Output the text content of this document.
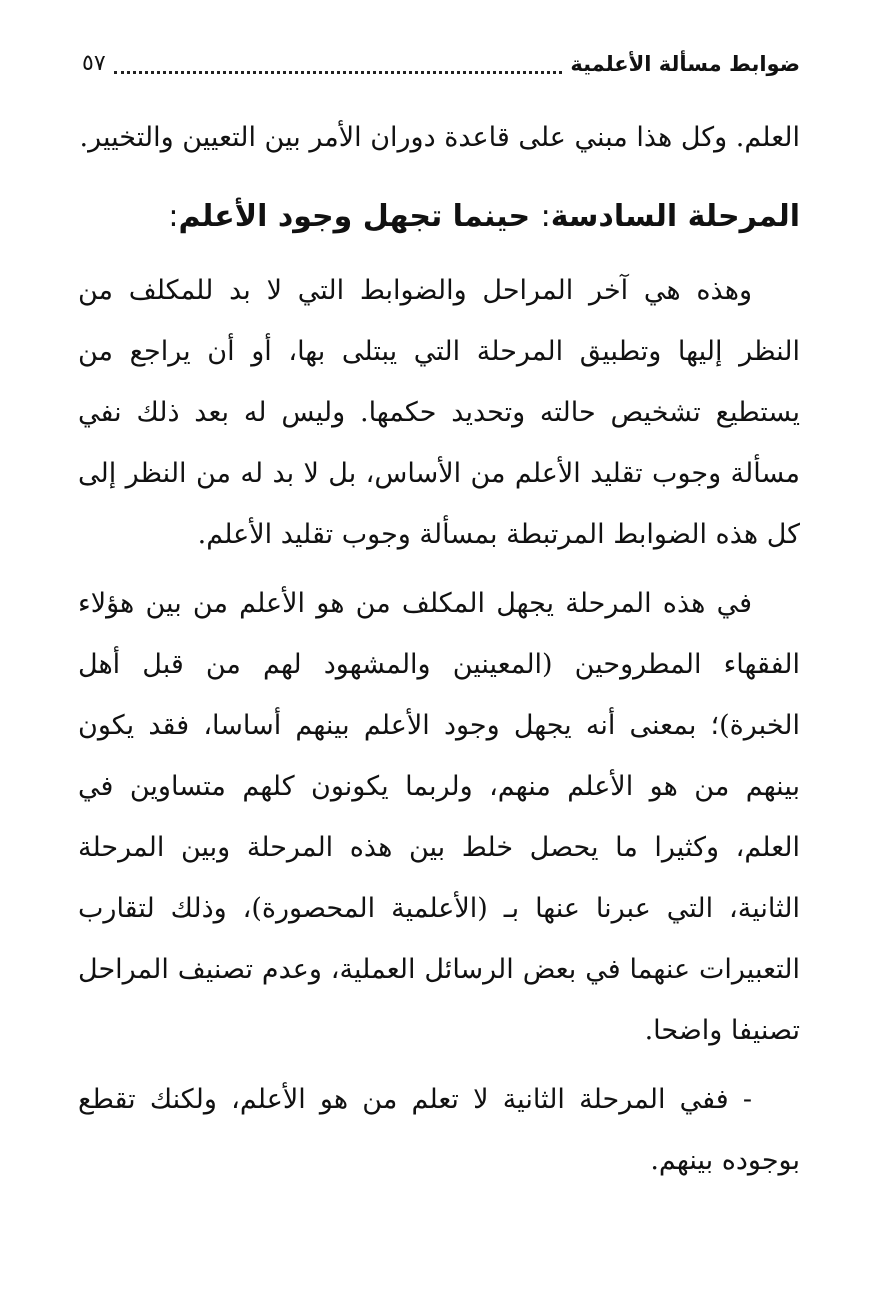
ضوابط مسألة الأعلمية
٥٧

العلم. وكل هذا مبني على قاعدة دوران الأمر بين التعيين والتخيير.

المرحلة السادسة: حينما تجهل وجود الأعلم:

وهذه هي آخر المراحل والضوابط التي لا بد للمكلف من النظر إليها وتطبيق المرحلة التي يبتلى بها، أو أن يراجع من يستطيع تشخيص حالته وتحديد حكمها. وليس له بعد ذلك نفي مسألة وجوب تقليد الأعلم من الأساس، بل لا بد له من النظر إلى كل هذه الضوابط المرتبطة بمسألة وجوب تقليد الأعلم.

في هذه المرحلة يجهل المكلف من هو الأعلم من بين هؤلاء الفقهاء المطروحين (المعينين والمشهود لهم من قبل أهل الخبرة)؛ بمعنى أنه يجهل وجود الأعلم بينهم أساسا، فقد يكون بينهم من هو الأعلم منهم، ولربما يكونون كلهم متساوين في العلم، وكثيرا ما يحصل خلط بين هذه المرحلة وبين المرحلة الثانية، التي عبرنا عنها بـ (الأعلمية المحصورة)، وذلك لتقارب التعبيرات عنهما في بعض الرسائل العملية، وعدم تصنيف المراحل تصنيفا واضحا.

- ففي المرحلة الثانية لا تعلم من هو الأعلم، ولكنك تقطع بوجوده بينهم.
